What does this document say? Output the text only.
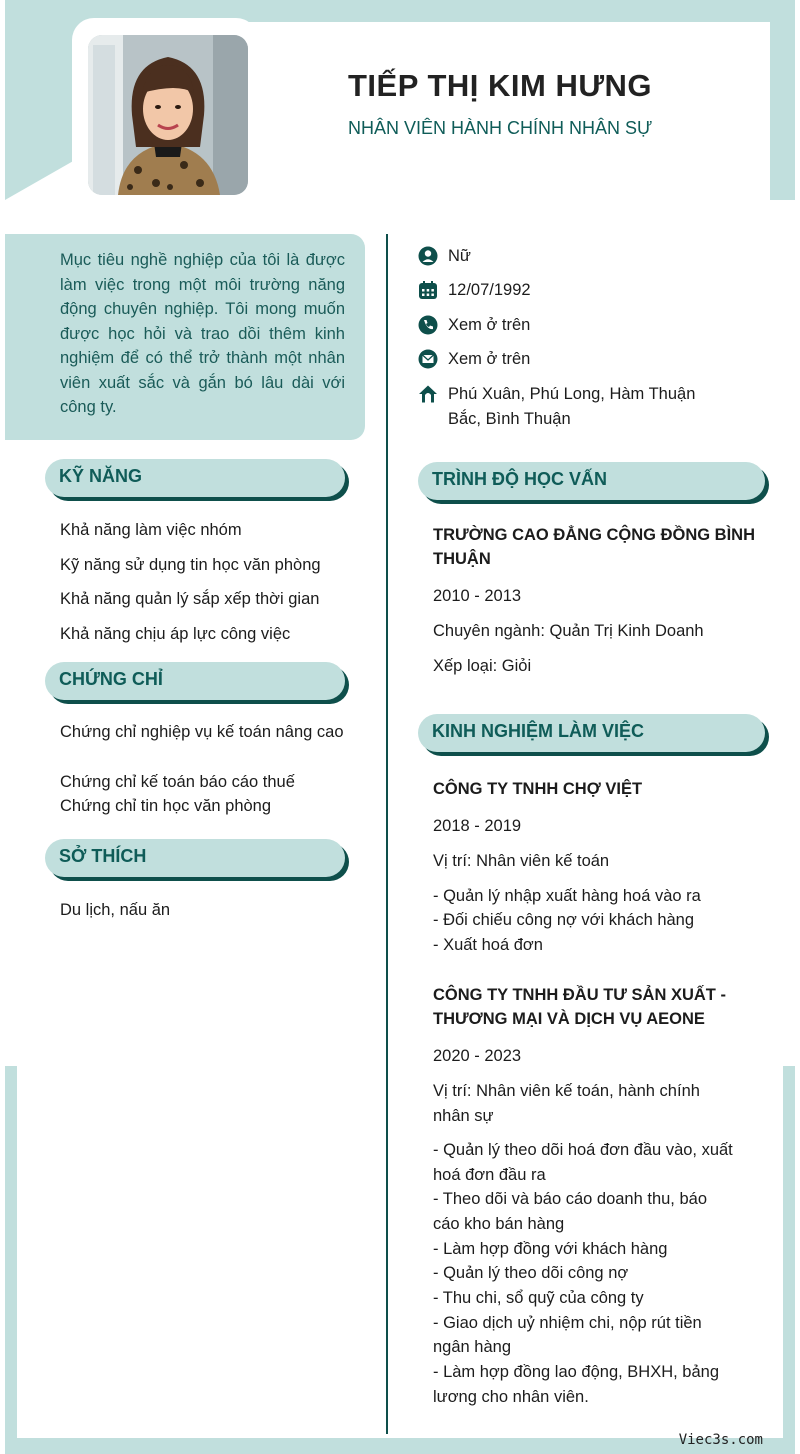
TIẾP THỊ KIM HƯNG
NHÂN VIÊN HÀNH CHÍNH NHÂN SỰ
Mục tiêu nghề nghiệp của tôi là được làm việc trong một môi trường năng động chuyên nghiệp. Tôi mong muốn được học hỏi và trao dồi thêm kinh nghiệm để có thể trở thành một nhân viên xuất sắc và gắn bó lâu dài với công ty.
KỸ NĂNG
Khả năng làm việc nhóm
Kỹ năng sử dụng tin học văn phòng
Khả năng quản lý sắp xếp thời gian
Khả năng chịu áp lực công việc
CHỨNG CHỈ
Chứng chỉ nghiệp vụ kế toán nâng cao
Chứng chỉ kế toán báo cáo thuế
Chứng chỉ tin học văn phòng
SỞ THÍCH
Du lịch, nấu ăn
Nữ
12/07/1992
Xem ở trên
Xem ở trên
Phú Xuân, Phú Long, Hàm Thuận
Bắc, Bình Thuận
TRÌNH ĐỘ HỌC VẤN
TRƯỜNG CAO ĐẲNG CỘNG ĐỒNG BÌNH
THUẬN
2010 - 2013
Chuyên ngành: Quản Trị Kinh Doanh
Xếp loại: Giỏi
KINH NGHIỆM LÀM VIỆC
CÔNG TY TNHH CHỢ VIỆT
2018 - 2019
Vị trí: Nhân viên kế toán
- Quản lý nhập xuất hàng hoá vào ra
- Đối chiếu công nợ với khách hàng
- Xuất hoá đơn
CÔNG TY TNHH ĐẦU TƯ SẢN XUẤT -
THƯƠNG MẠI VÀ DỊCH VỤ AEONE
2020 - 2023
Vị trí: Nhân viên kế toán, hành chính
nhân sự
- Quản lý theo dõi hoá đơn đầu vào, xuất
hoá đơn đầu ra
- Theo dõi và báo cáo doanh thu, báo
cáo kho bán hàng
- Làm hợp đồng với khách hàng
- Quản lý theo dõi công nợ
- Thu chi, sổ quỹ của công ty
- Giao dịch uỷ nhiệm chi, nộp rút tiền
ngân hàng
- Làm hợp đồng lao động, BHXH, bảng
lương cho nhân viên.
Viec3s.com
